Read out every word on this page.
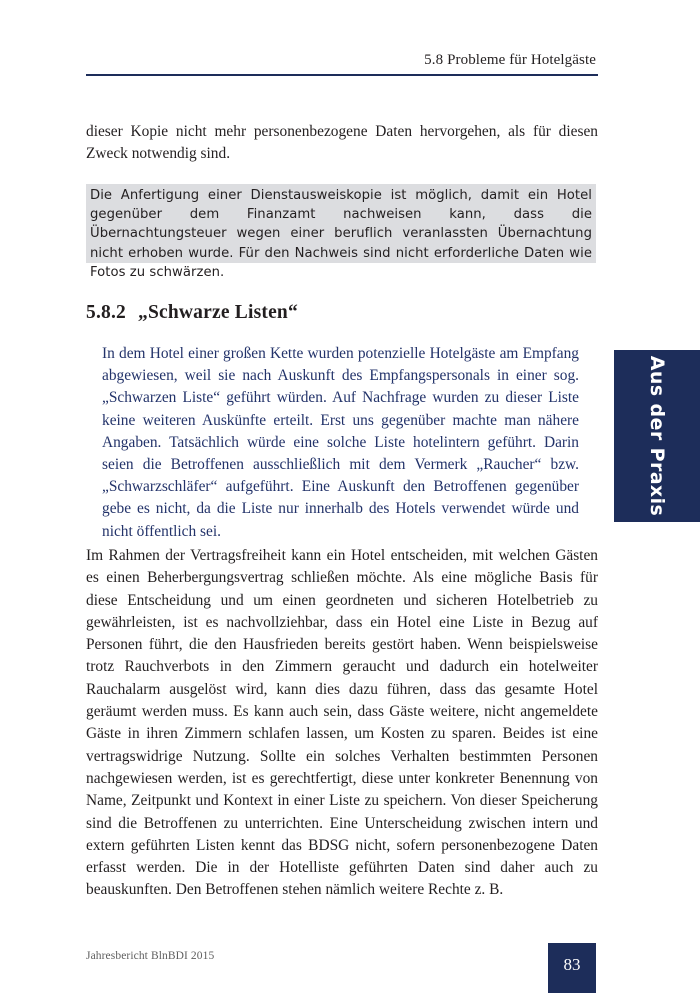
5.8 Probleme für Hotelgäste

dieser Kopie nicht mehr personenbezogene Daten hervorgehen, als für diesen Zweck notwendig sind.

Die Anfertigung einer Dienstausweiskopie ist möglich, damit ein Hotel gegenüber dem Finanzamt nachweisen kann, dass die Übernachtungsteuer wegen einer beruflich veranlassten Übernachtung nicht erhoben wurde. Für den Nachweis sind nicht erforderliche Daten wie Fotos zu schwärzen.

5.8.2 „Schwarze Listen“

In dem Hotel einer großen Kette wurden potenzielle Hotelgäste am Empfang abgewiesen, weil sie nach Auskunft des Empfangspersonals in einer sog. „Schwarzen Liste“ geführt würden. Auf Nachfrage wurden zu dieser Liste keine weiteren Auskünfte erteilt. Erst uns gegenüber machte man nähere Angaben. Tatsächlich würde eine solche Liste hotelintern geführt. Darin seien die Betroffenen ausschließlich mit dem Vermerk „Raucher“ bzw. „Schwarzschläfer“ aufgeführt. Eine Auskunft den Betroffenen gegenüber gebe es nicht, da die Liste nur innerhalb des Hotels verwendet würde und nicht öffentlich sei.

Im Rahmen der Vertragsfreiheit kann ein Hotel entscheiden, mit welchen Gästen es einen Beherbergungsvertrag schließen möchte. Als eine mögliche Basis für diese Entscheidung und um einen geordneten und sicheren Hotelbetrieb zu gewährleisten, ist es nachvollziehbar, dass ein Hotel eine Liste in Bezug auf Personen führt, die den Hausfrieden bereits gestört haben. Wenn beispielsweise trotz Rauchverbots in den Zimmern geraucht und dadurch ein hotelweiter Rauchalarm ausgelöst wird, kann dies dazu führen, dass das gesamte Hotel geräumt werden muss. Es kann auch sein, dass Gäste weitere, nicht angemeldete Gäste in ihren Zimmern schlafen lassen, um Kosten zu sparen. Beides ist eine vertragswidrige Nutzung. Sollte ein solches Verhalten bestimmten Personen nachgewiesen werden, ist es gerechtfertigt, diese unter konkreter Benennung von Name, Zeitpunkt und Kontext in einer Liste zu speichern. Von dieser Speicherung sind die Betroffenen zu unterrichten. Eine Unterscheidung zwischen intern und extern geführten Listen kennt das BDSG nicht, sofern personenbezogene Daten erfasst werden. Die in der Hotelliste geführten Daten sind daher auch zu beauskunften. Den Betroffenen stehen nämlich weitere Rechte z. B.

Aus der Praxis
Jahresbericht BlnBDI 2015	83
